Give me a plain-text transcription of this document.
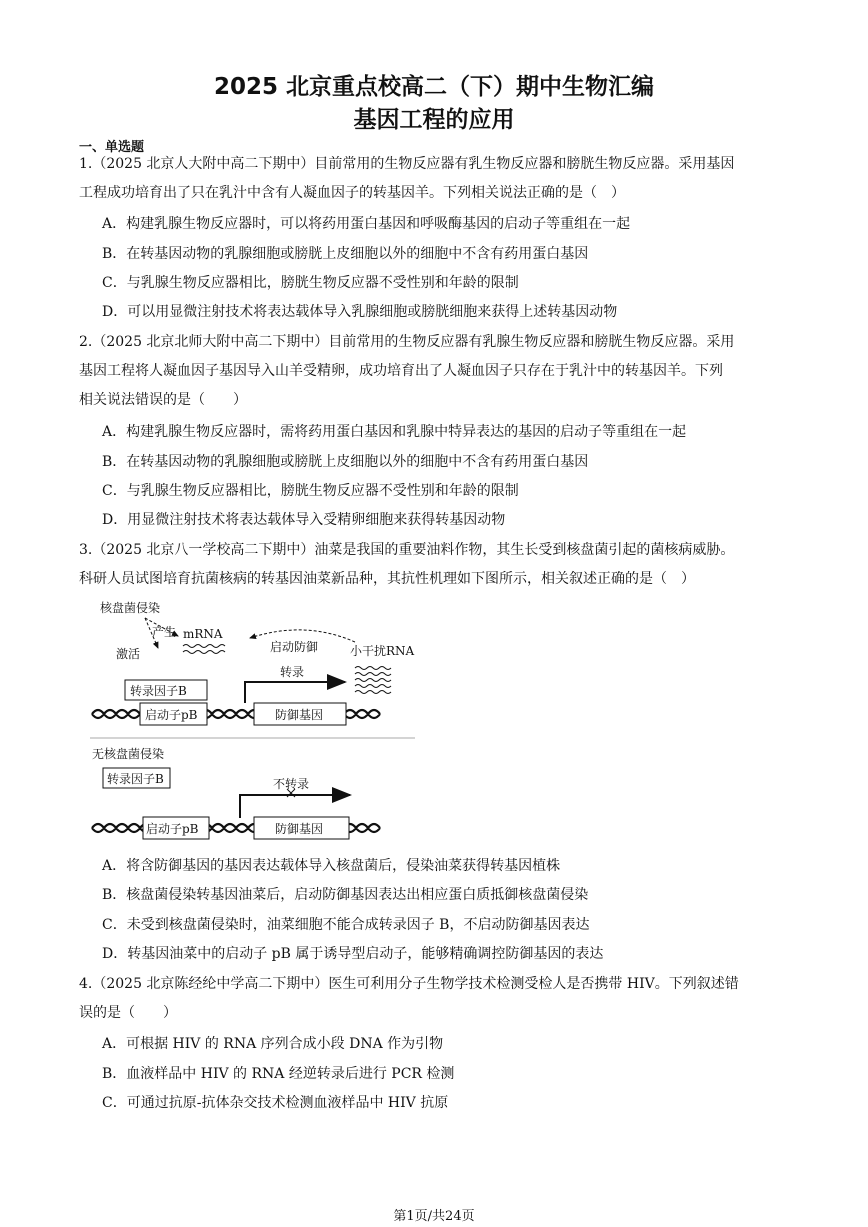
2025 北京重点校高二（下）期中生物汇编
基因工程的应用
一、单选题
1.（2025 北京人大附中高二下期中）目前常用的生物反应器有乳生物反应器和膀胱生物反应器。采用基因
工程成功培育出了只在乳汁中含有人凝血因子的转基因羊。下列相关说法正确的是（　）
A．构建乳腺生物反应器时，可以将药用蛋白基因和呼吸酶基因的启动子等重组在一起
B．在转基因动物的乳腺细胞或膀胱上皮细胞以外的细胞中不含有药用蛋白基因
C．与乳腺生物反应器相比，膀胱生物反应器不受性别和年龄的限制
D．可以用显微注射技术将表达载体导入乳腺细胞或膀胱细胞来获得上述转基因动物
2.（2025 北京北师大附中高二下期中）目前常用的生物反应器有乳腺生物反应器和膀胱生物反应器。采用
基因工程将人凝血因子基因导入山羊受精卵，成功培育出了人凝血因子只存在于乳汁中的转基因羊。下列
相关说法错误的是（　　）
A．构建乳腺生物反应器时，需将药用蛋白基因和乳腺中特异表达的基因的启动子等重组在一起
B．在转基因动物的乳腺细胞或膀胱上皮细胞以外的细胞中不含有药用蛋白基因
C．与乳腺生物反应器相比，膀胱生物反应器不受性别和年龄的限制
D．用显微注射技术将表达载体导入受精卵细胞来获得转基因动物
3.（2025 北京八一学校高二下期中）油菜是我国的重要油料作物，其生长受到核盘菌引起的菌核病威胁。
科研人员试图培育抗菌核病的转基因油菜新品种，其抗性机理如下图所示，相关叙述正确的是（　）
核盘菌侵染
产生
激活
mRNA
启动防御	小干扰RNA
转录
转录因子B
启动子pB	防御基因
无核盘菌侵染
转录因子B	不转录
启动子pB	防御基因
A．将含防御基因的基因表达载体导入核盘菌后，侵染油菜获得转基因植株
B．核盘菌侵染转基因油菜后，启动防御基因表达出相应蛋白质抵御核盘菌侵染
C．未受到核盘菌侵染时，油菜细胞不能合成转录因子 B，不启动防御基因表达
D．转基因油菜中的启动子 pB 属于诱导型启动子，能够精确调控防御基因的表达
4.（2025 北京陈经纶中学高二下期中）医生可利用分子生物学技术检测受检人是否携带 HIV。下列叙述错
误的是（　　）
A．可根据 HIV 的 RNA 序列合成小段 DNA 作为引物
B．血液样品中 HIV 的 RNA 经逆转录后进行 PCR 检测
C．可通过抗原-抗体杂交技术检测血液样品中 HIV 抗原
第1页/共24页
